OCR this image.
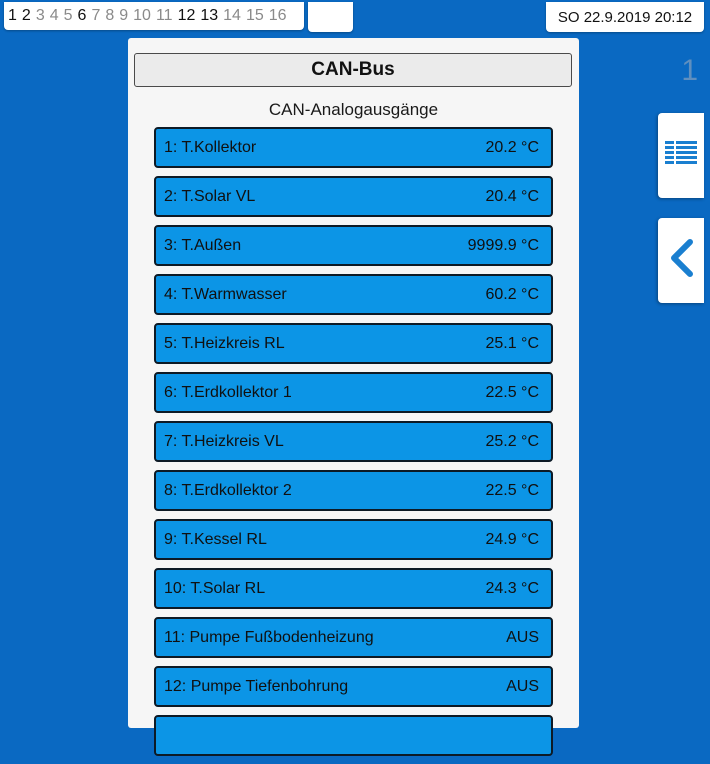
1 2 3 4 5 6 7 8 9 10 11 12 13 14 15 16	SO 22.9.2019 20:12
1
CAN-Bus
CAN-Analogausgänge
1: T.Kollektor	20.2 °C
2: T.Solar VL	20.4 °C
3: T.Außen	9999.9 °C
4: T.Warmwasser	60.2 °C
5: T.Heizkreis RL	25.1 °C
6: T.Erdkollektor 1	22.5 °C
7: T.Heizkreis VL	25.2 °C
8: T.Erdkollektor 2	22.5 °C
9: T.Kessel RL	24.9 °C
10: T.Solar RL	24.3 °C
11: Pumpe Fußbodenheizung	AUS
12: Pumpe Tiefenbohrung	AUS
